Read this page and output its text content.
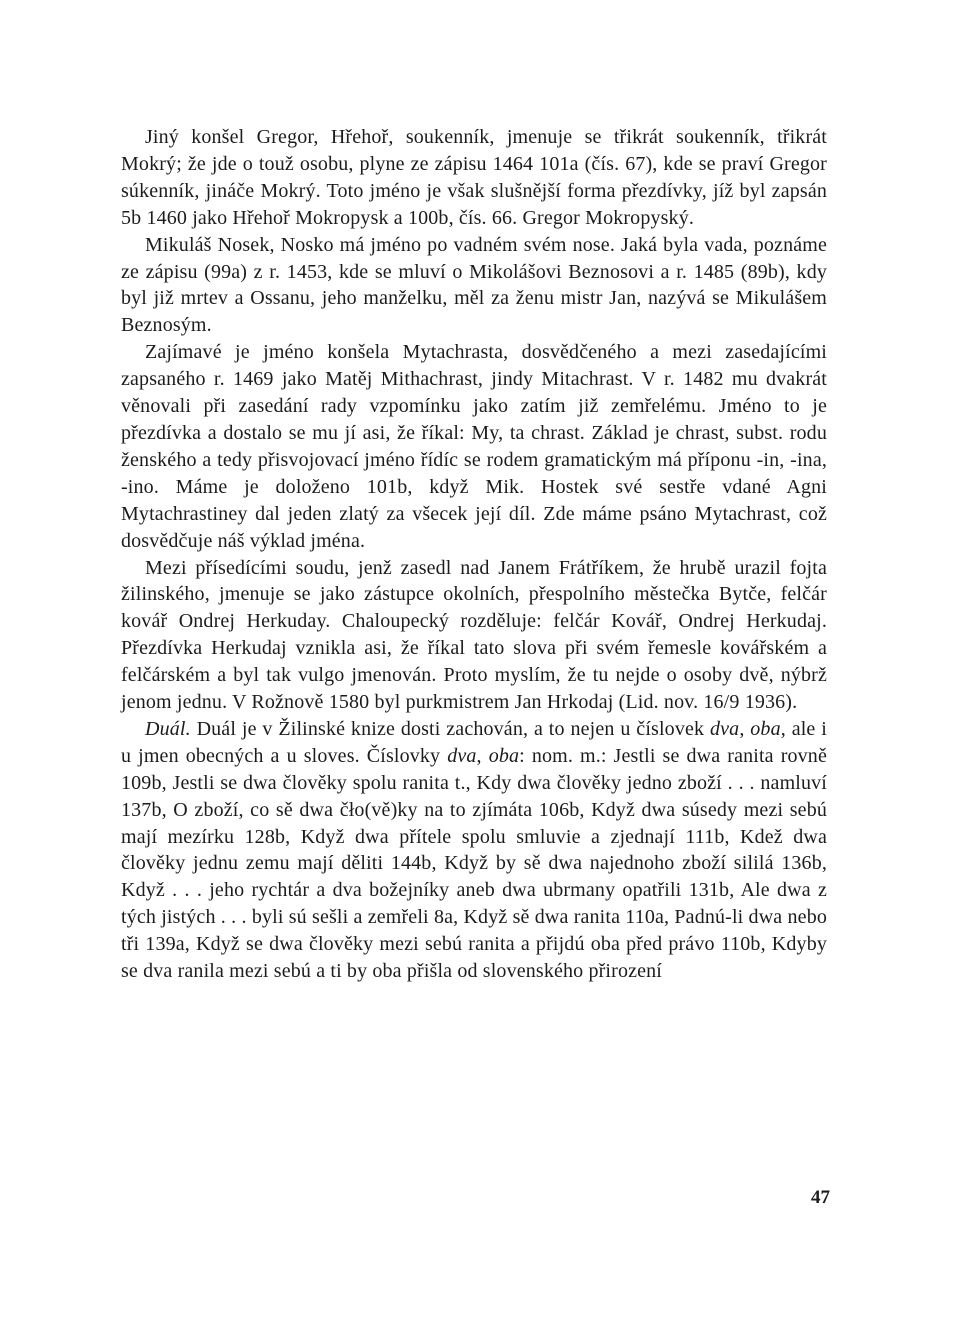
Jiný konšel Gregor, Hřehoř, soukenník, jmenuje se třikrát soukenník, třikrát Mokrý; že jde o touž osobu, plyne ze zápisu 1464 101a (čís. 67), kde se praví Gregor súkenník, jináče Mokrý. Toto jméno je však slušnější forma přezdívky, jíž byl zapsán 5b 1460 jako Hřehoř Mokropysk a 100b, čís. 66. Gregor Mokropyský.

Mikuláš Nosek, Nosko má jméno po vadném svém nose. Jaká byla vada, poznáme ze zápisu (99a) z r. 1453, kde se mluví o Mikolášovi Beznosovi a r. 1485 (89b), kdy byl již mrtev a Ossanu, jeho manželku, měl za ženu mistr Jan, nazývá se Mikulášem Beznosým.

Zajímavé je jméno konšela Mytachrasta, dosvědčeného a mezi zasedajícími zapsaného r. 1469 jako Matěj Mithachrast, jindy Mitachrast. V r. 1482 mu dvakrát věnovali při zasedání rady vzpomínku jako zatím již zemřelému. Jméno to je přezdívka a dostalo se mu jí asi, že říkal: My, ta chrast. Základ je chrast, subst. rodu ženského a tedy přisvojovací jméno řídíc se rodem gramatickým má příponu -in, -ina, -ino. Máme je doloženo 101b, když Mik. Hostek své sestře vdané Agni Mytachrastiney dal jeden zlatý za všecek její díl. Zde máme psáno Mytachrast, což dosvědčuje náš výklad jména.

Mezi přísedícími soudu, jenž zasedl nad Janem Frátříkem, že hrubě urazil fojta žilinského, jmenuje se jako zástupce okolních, přespolního městečka Bytče, felčár kovář Ondrej Herkuday. Chaloupecký rozděluje: felčár Kovář, Ondrej Herkudaj. Přezdívka Herkudaj vznikla asi, že říkal tato slova při svém řemesle kovářském a felčárském a byl tak vulgo jmenován. Proto myslím, že tu nejde o osoby dvě, nýbrž jenom jednu. V Rožnově 1580 byl purkmistrem Jan Hrkodaj (Lid. nov. 16/9 1936).

Duál. Duál je v Žilinské knize dosti zachován, a to nejen u číslovek dva, oba, ale i u jmen obecných a u sloves. Číslovky dva, oba: nom. m.: Jestli se dwa ranita rovně 109b, Jestli se dwa člověky spolu ranita t., Kdy dwa člověky jedno zboží . . . namluví 137b, O zboží, co sě dwa čło(vě)ky na to zjímáta 106b, Když dwa súsedy mezi sebú mají mezírku 128b, Když dwa přítele spolu smluvie a zjednají 111b, Kdež dwa člověky jednu zemu mají děliti 144b, Když by sě dwa najednoho zboží sililá 136b, Když . . . jeho rychtár a dva božejníky aneb dwa ubrmany opatřili 131b, Ale dwa z tých jistých . . . byli sú sešli a zemřeli 8a, Když sě dwa ranita 110a, Padnú-li dwa nebo tři 139a, Když se dwa člověky mezi sebú ranita a přijdú oba před právo 110b, Kdyby se dva ranila mezi sebú a ti by oba přišla od slovenského přirození

47
